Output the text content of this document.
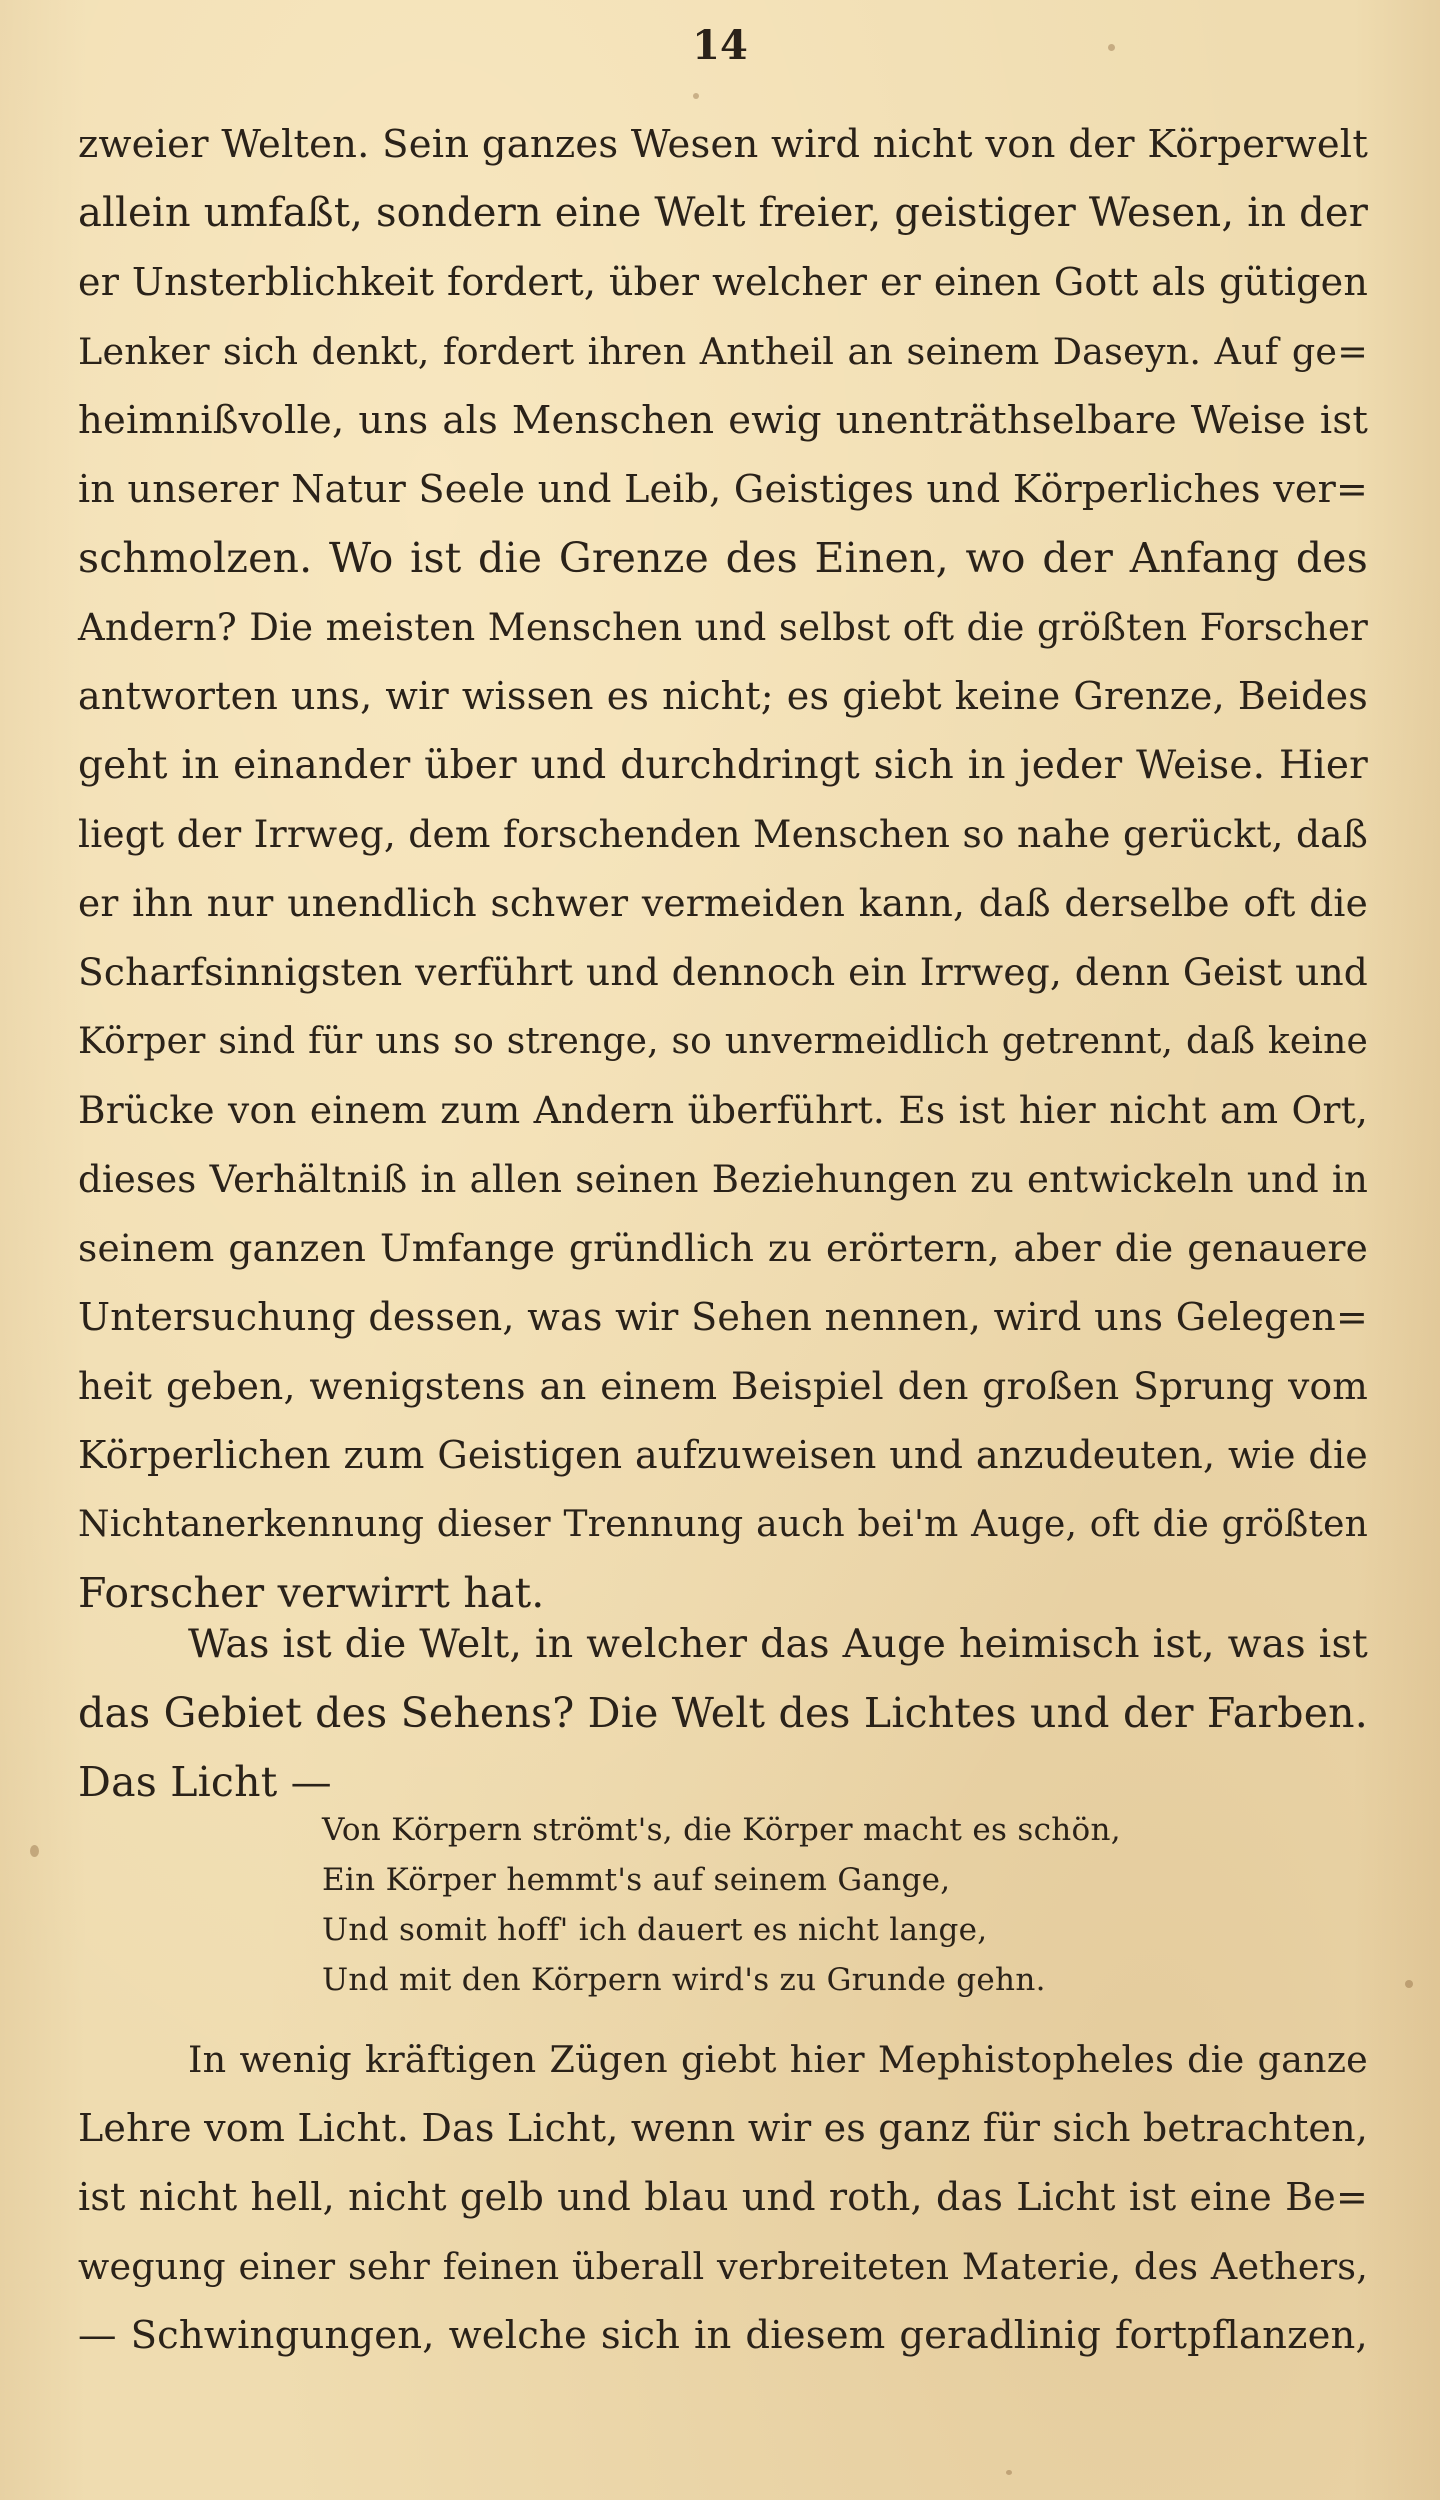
14
zweier Welten. Sein ganzes Wesen wird nicht von der Körperwelt
allein umfaßt, sondern eine Welt freier, geistiger Wesen, in der
er Unsterblichkeit fordert, über welcher er einen Gott als gütigen
Lenker sich denkt, fordert ihren Antheil an seinem Daseyn. Auf ge=
heimnißvolle, uns als Menschen ewig unenträthselbare Weise ist
in unserer Natur Seele und Leib, Geistiges und Körperliches ver=
schmolzen. Wo ist die Grenze des Einen, wo der Anfang des
Andern? Die meisten Menschen und selbst oft die größten Forscher
antworten uns, wir wissen es nicht; es giebt keine Grenze, Beides
geht in einander über und durchdringt sich in jeder Weise. Hier
liegt der Irrweg, dem forschenden Menschen so nahe gerückt, daß
er ihn nur unendlich schwer vermeiden kann, daß derselbe oft die
Scharfsinnigsten verführt und dennoch ein Irrweg, denn Geist und
Körper sind für uns so strenge, so unvermeidlich getrennt, daß keine
Brücke von einem zum Andern überführt. Es ist hier nicht am Ort,
dieses Verhältniß in allen seinen Beziehungen zu entwickeln und in
seinem ganzen Umfange gründlich zu erörtern, aber die genauere
Untersuchung dessen, was wir Sehen nennen, wird uns Gelegen=
heit geben, wenigstens an einem Beispiel den großen Sprung vom
Körperlichen zum Geistigen aufzuweisen und anzudeuten, wie die
Nichtanerkennung dieser Trennung auch bei'm Auge, oft die größten
Forscher verwirrt hat.
Was ist die Welt, in welcher das Auge heimisch ist, was ist
das Gebiet des Sehens? Die Welt des Lichtes und der Farben.
Das Licht —
Von Körpern strömt's, die Körper macht es schön,
Ein Körper hemmt's auf seinem Gange,
Und somit hoff' ich dauert es nicht lange,
Und mit den Körpern wird's zu Grunde gehn.
In wenig kräftigen Zügen giebt hier Mephistopheles die ganze
Lehre vom Licht. Das Licht, wenn wir es ganz für sich betrachten,
ist nicht hell, nicht gelb und blau und roth, das Licht ist eine Be=
wegung einer sehr feinen überall verbreiteten Materie, des Aethers,
— Schwingungen, welche sich in diesem geradlinig fortpflanzen,
